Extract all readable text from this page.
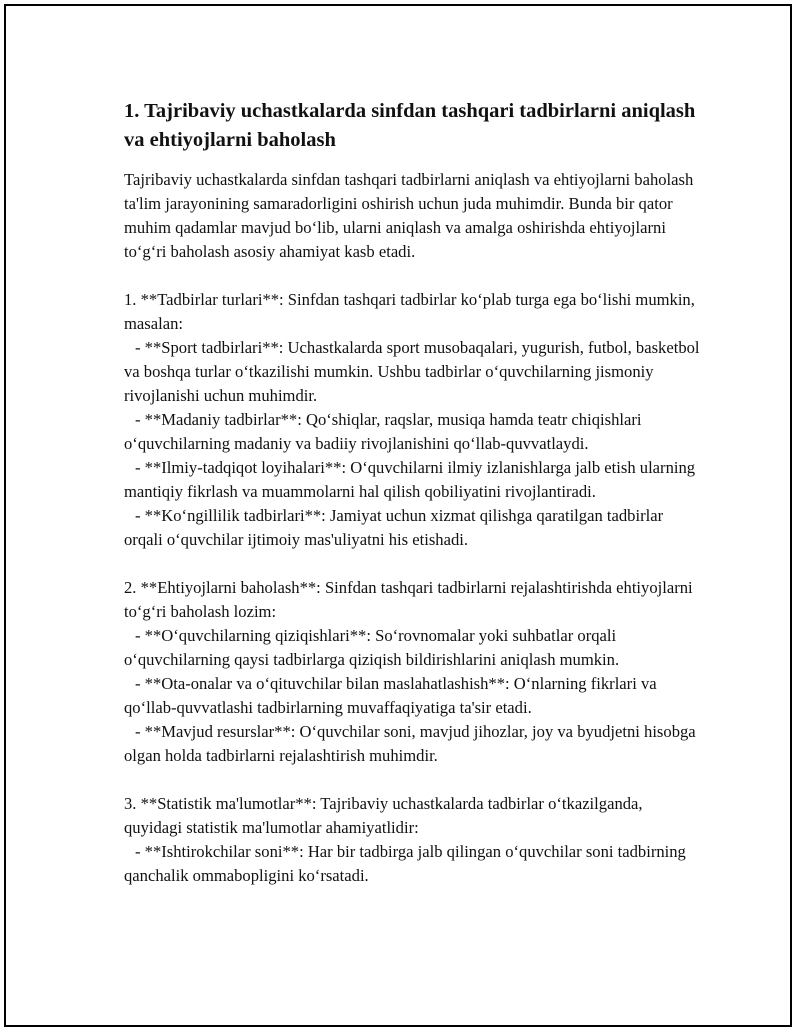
1. Tajribaviy uchastkalarda sinfdan tashqari tadbirlarni aniqlash va ehtiyojlarni baholash
Tajribaviy uchastkalarda sinfdan tashqari tadbirlarni aniqlash va ehtiyojlarni baholash ta'lim jarayonining samaradorligini oshirish uchun juda muhimdir. Bunda bir qator muhim qadamlar mavjud bo‘lib, ularni aniqlash va amalga oshirishda ehtiyojlarni to‘g‘ri baholash asosiy ahamiyat kasb etadi.

1. **Tadbirlar turlari**: Sinfdan tashqari tadbirlar ko‘plab turga ega bo‘lishi mumkin, masalan:

- **Sport tadbirlari**: Uchastkalarda sport musobaqalari, yugurish, futbol, basketbol va boshqa turlar o‘tkazilishi mumkin. Ushbu tadbirlar o‘quvchilarning jismoniy rivojlanishi uchun muhimdir.

- **Madaniy tadbirlar**: Qo‘shiqlar, raqslar, musiqa hamda teatr chiqishlari o‘quvchilarning madaniy va badiiy rivojlanishini qo‘llab-quvvatlaydi.

- **Ilmiy-tadqiqot loyihalari**: O‘quvchilarni ilmiy izlanishlarga jalb etish ularning mantiqiy fikrlash va muammolarni hal qilish qobiliyatini rivojlantiradi.

- **Ko‘ngillilik tadbirlari**: Jamiyat uchun xizmat qilishga qaratilgan tadbirlar orqali o‘quvchilar ijtimoiy mas'uliyatni his etishadi.

2. **Ehtiyojlarni baholash**: Sinfdan tashqari tadbirlarni rejalashtirishda ehtiyojlarni to‘g‘ri baholash lozim:

- **O‘quvchilarning qiziqishlari**: So‘rovnomalar yoki suhbatlar orqali o‘quvchilarning qaysi tadbirlarga qiziqish bildirishlarini aniqlash mumkin.

- **Ota-onalar va o‘qituvchilar bilan maslahatlashish**: O‘nlarning fikrlari va qo‘llab-quvvatlashi tadbirlarning muvaffaqiyatiga ta'sir etadi.

- **Mavjud resurslar**: O‘quvchilar soni, mavjud jihozlar, joy va byudjetni hisobga olgan holda tadbirlarni rejalashtirish muhimdir.

3. **Statistik ma'lumotlar**: Tajribaviy uchastkalarda tadbirlar o‘tkazilganda, quyidagi statistik ma'lumotlar ahamiyatlidir:

- **Ishtirokchilar soni**: Har bir tadbirga jalb qilingan o‘quvchilar soni tadbirning qanchalik ommabopligini ko‘rsatadi.
